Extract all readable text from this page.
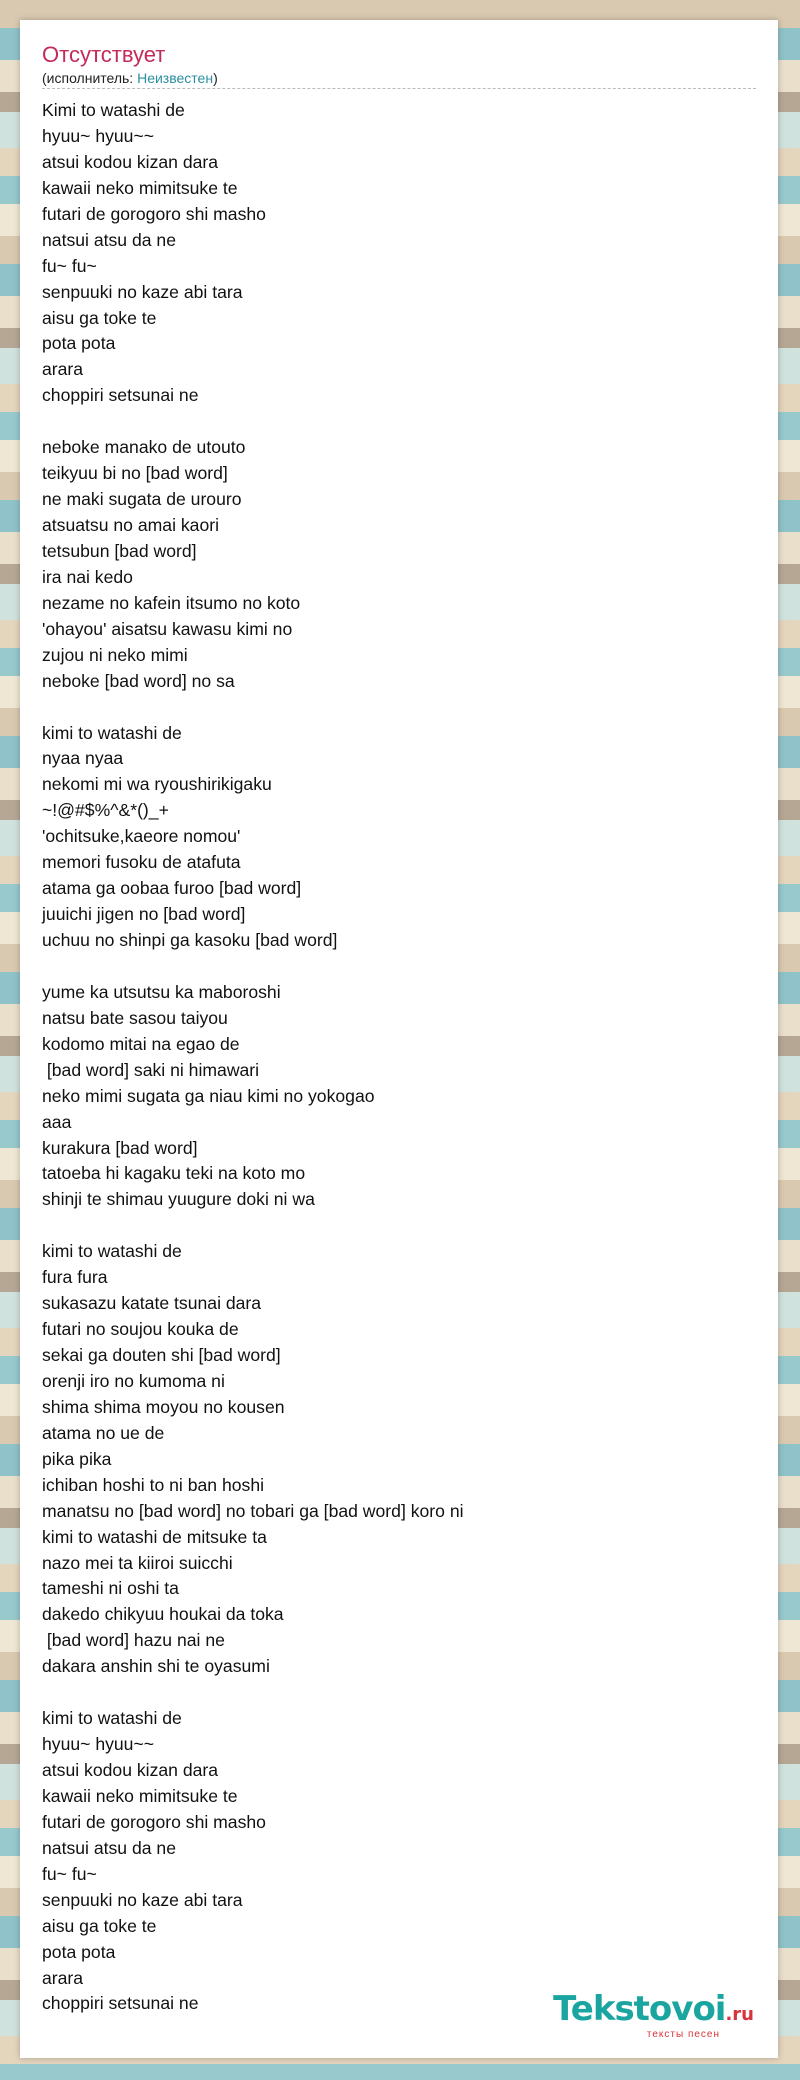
Отсутствует
(исполнитель: Неизвестен)
Kimi to watashi de
hyuu~ hyuu~~
atsui kodou kizan dara
kawaii neko mimitsuke te
futari de gorogoro shi masho
natsui atsu da ne
fu~ fu~
senpuuki no kaze abi tara
aisu ga toke te
pota pota
arara
choppiri setsunai ne
neboke manako de utouto
teikyuu bi no [bad word]
ne maki sugata de urouro
atsuatsu no amai kaori
tetsubun [bad word]
ira nai kedo
nezame no kafein itsumo no koto
'ohayou' aisatsu kawasu kimi no
zujou ni neko mimi
neboke [bad word] no sa
kimi to watashi de
nyaa nyaa
nekomi mi wa ryoushirikigaku
~!@#$%^&*()_+
'ochitsuke,kaeore nomou'
memori fusoku de atafuta
atama ga oobaa furoo [bad word]
juuichi jigen no [bad word]
uchuu no shinpi ga kasoku [bad word]
yume ka utsutsu ka maboroshi
natsu bate sasou taiyou
kodomo mitai na egao de
[bad word] saki ni himawari
neko mimi sugata ga niau kimi no yokogao
aaa
kurakura [bad word]
tatoeba hi kagaku teki na koto mo
shinji te shimau yuugure doki ni wa
kimi to watashi de
fura fura
sukasazu katate tsunai dara
futari no soujou kouka de
sekai ga douten shi [bad word]
orenji iro no kumoma ni
shima shima moyou no kousen
atama no ue de
pika pika
ichiban hoshi to ni ban hoshi
manatsu no [bad word] no tobari ga [bad word] koro ni
kimi to watashi de mitsuke ta
nazo mei ta kiiroi suicchi
tameshi ni oshi ta
dakedo chikyuu houkai da toka
[bad word] hazu nai ne
dakara anshin shi te oyasumi
kimi to watashi de
hyuu~ hyuu~~
atsui kodou kizan dara
kawaii neko mimitsuke te
futari de gorogoro shi masho
natsui atsu da ne
fu~ fu~
senpuuki no kaze abi tara
aisu ga toke te
pota pota
arara
choppiri setsunai ne	Tekstovoi.ru
тексты песен
